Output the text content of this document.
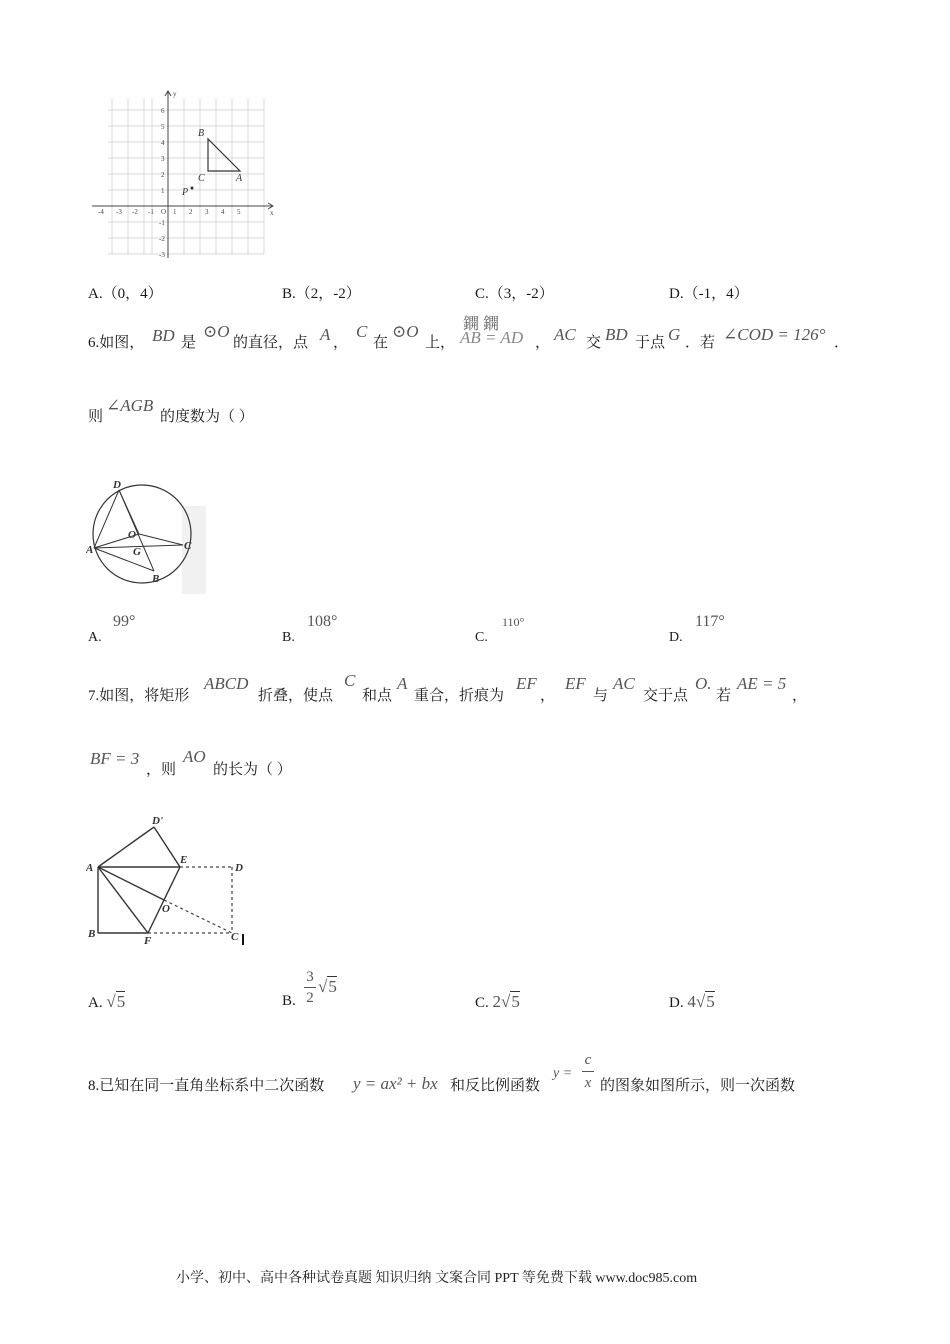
-4 -3 -2 -1 O 1 2 3 4 5	x
y
6
5
4
3
2
1
-1
-2
-3
B
C	A
P
A.（0，4）	B.（2，-2）	C.（3，-2）	D.（-1，4）
6.如图， BD 是
⊙O
的直径，点 A ，
C
在
⊙O
上，
鐦 鐦
AB = AD ， AC 交 BD 于点 G ．若 ∠COD = 126° ．
则
∠AGB
的度数为（ ）
D
O
A	G	C
B
A.
99°
B.
108°
C.
110°
D.
117°
7.如图，将矩形
ABCD
折叠，使点
C
和点
A
重合，折痕为
EF
，
EF
与
AC
交于点
O.
若
AE = 5
，
BF = 3
，则
AO
的长为（ ）
D'
A
E
D
O
B
F	C
A. √5	B.
3
2
√5
C. 2√5	D. 4√5
8.已知在同一直角坐标系中二次函数 y = ax² + bx 和反比例函数
y =
c
x 的图象如图所示，则一次函数
小学、初中、高中各种试卷真题 知识归纳 文案合同 PPT 等免费下载 www.doc985.com
